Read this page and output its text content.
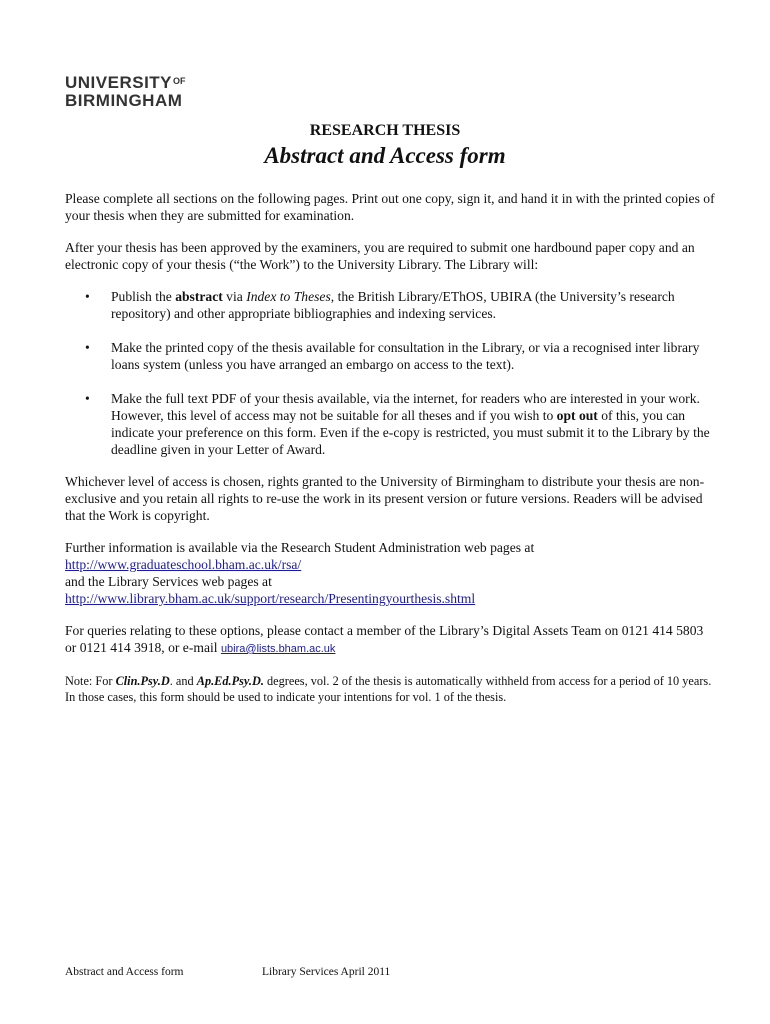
$UNIVERSITY^{OF}$
BIRMINGHAM
RESEARCH THESIS
Abstract and Access form

Please complete all sections on the following pages. Print out one copy, sign it, and hand it in with the printed copies of your thesis when they are submitted for examination.

After your thesis has been approved by the examiners, you are required to submit one hardbound paper copy and an electronic copy of your thesis (“the Work”) to the University Library. The Library will:

• Publish the abstract via Index to Theses, the British Library/EThOS, UBIRA (the University’s research repository) and other appropriate bibliographies and indexing services.
• Make the printed copy of the thesis available for consultation in the Library, or via a recognised inter library loans system (unless you have arranged an embargo on access to the text).
• Make the full text PDF of your thesis available, via the internet, for readers who are interested in your work. However, this level of access may not be suitable for all theses and if you wish to opt out of this, you can indicate your preference on this form. Even if the e-copy is restricted, you must submit it to the Library by the deadline given in your Letter of Award.

Whichever level of access is chosen, rights granted to the University of Birmingham to distribute your thesis are non-exclusive and you retain all rights to re-use the work in its present version or future versions. Readers will be advised that the Work is copyright.

Further information is available via the Research Student Administration web pages at
http://www.graduateschool.bham.ac.uk/rsa/
and the Library Services web pages at
http://www.library.bham.ac.uk/support/research/Presentingyourthesis.shtml

For queries relating to these options, please contact a member of the Library’s Digital Assets Team on 0121 414 5803 or 0121 414 3918, or e-mail ubira@lists.bham.ac.uk

Note: For Clin.Psy.D. and Ap.Ed.Psy.D. degrees, vol. 2 of the thesis is automatically withheld from access for a period of 10 years. In those cases, this form should be used to indicate your intentions for vol. 1 of the thesis.

Abstract and Access form	Library Services April 2011
